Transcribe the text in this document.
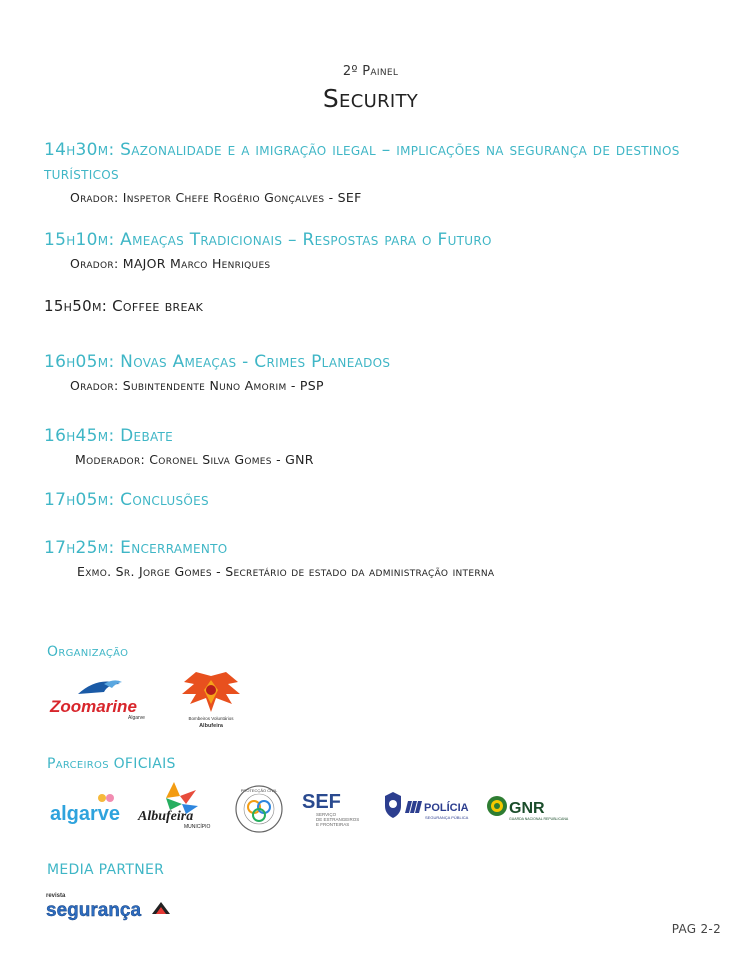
2º Painel
Security
14h30m: Sazonalidade e a imigração ilegal – implicações na segurança de destinos turísticos
Orador: Inspetor Chefe Rogério Gonçalves - SEF
15h10m: Ameaças Tradicionais – Respostas para o Futuro
Orador: MAJOR Marco Henriques
15h50m: Coffee break
16h05m: Novas Ameaças - Crimes Planeados
Orador: Subintendente Nuno Amorim - PSP
16h45m: Debate
Moderador: Coronel Silva Gomes - GNR
17h05m: Conclusões
17h25m: Encerramento
Exmo. Sr. Jorge Gomes - Secretário de estado da administração interna
Organização
Zoomarine
Algarve	Bombeiros Voluntários
Albufeira
Parceiros OFICIAIS
algarve Albufeira
MUNICÍPIO
PROTECÇÃO CIVIL
SEF
SERVIÇO
DE ESTRANGEIROS
E FRONTEIRAS
POLÍCIA
SEGURANÇA PÚBLICA
GNR
GUARDA NACIONAL REPUBLICANA
MEDIA PARTNER
revista
segurança
PAG 2-2
